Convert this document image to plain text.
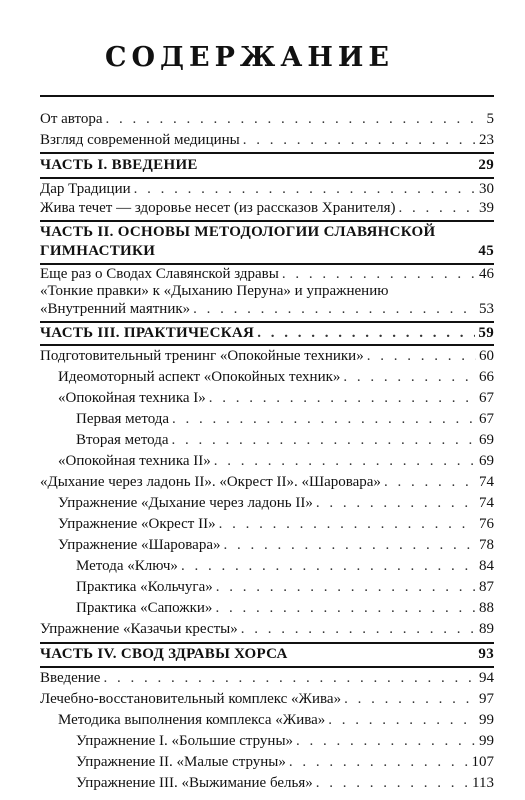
СОДЕРЖАНИЕ
От автора . . .	5
Взгляд современной медицины . . .	23
ЧАСТЬ I. ВВЕДЕНИЕ	29
Дар Традиции . . .	30
Жива течет — здоровье несет (из рассказов Хранителя) . . .	39
ЧАСТЬ II. ОСНОВЫ МЕТОДОЛОГИИ СЛАВЯНСКОЙ
ГИМНАСТИКИ	45
Еще раз о Сводах Славянской здравы . . .	46
«Тонкие правки» к «Дыханию Перуна» и упражнению
«Внутренний маятник» . . .	53
ЧАСТЬ III. ПРАКТИЧЕСКАЯ . . .	59
Подготовительный тренинг «Опокойные техники» . . .	60
Идеомоторный аспект «Опокойных техник» . . .	66
«Опокойная техника I» . . .	67
Первая метода . . .	67
Вторая метода . . .	69
«Опокойная техника II» . . .	69
«Дыхание через ладонь II». «Окрест II». «Шаровара» . . .	74
Упражнение «Дыхание через ладонь II» . . .	74
Упражнение «Окрест II» . . .	76
Упражнение «Шаровара» . . .	78
Метода «Ключ» . . .	84
Практика «Кольчуга» . . .	87
Практика «Сапожки» . . .	88
Упражнение «Казачьи кресты» . . .	89
ЧАСТЬ IV. СВОД ЗДРАВЫ ХОРСА	93
Введение . . .	94
Лечебно-восстановительный комплекс «Жива» . . .	97
Методика выполнения комплекса «Жива» . . .	99
Упражнение I. «Большие струны» . . .	99
Упражнение II. «Малые струны» . . .	107
Упражнение III. «Выжимание белья» . . .	113
